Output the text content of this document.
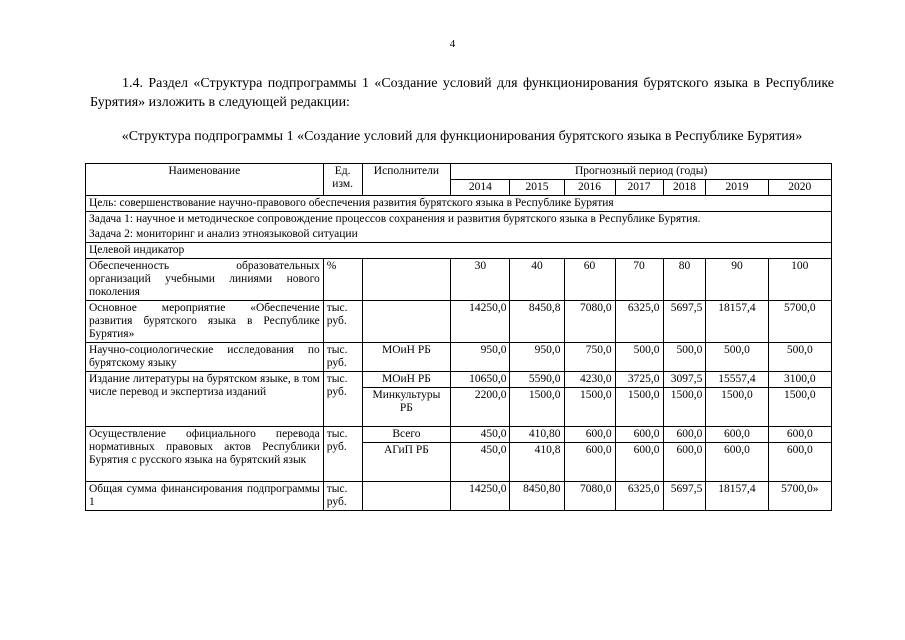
4
1.4. Раздел «Структура подпрограммы 1 «Создание условий для функционирования бурятского языка в Республике Бурятия» изложить в следующей редакции:
«Структура подпрограммы 1 «Создание условий для функционирования бурятского языка в Республике Бурятия»
Наименование	Ед. изм.	Исполнители	Прогнозный период (годы)						
			2014	2015	2016	2017	2018	2019	2020
Цель: совершенствование научно-правового обеспечения развития бурятского языка в Республике Бурятия									
Задача 1: научное и методическое сопровождение процессов сохранения и развития бурятского языка в Республике Бурятия.									
Задача 2: мониторинг и анализ этноязыковой ситуации									
Целевой индикатор									
Обеспеченность образовательных организаций учебными линиями нового поколения	%		30	40	60	70	80	90	100
Основное мероприятие «Обеспечение развития бурятского языка в Республике Бурятия»	тыс. руб.		14250,0	8450,8	7080,0	6325,0	5697,5	18157,4	5700,0
Научно-социологические исследования по бурятскому языку	тыс. руб.	МОиН РБ	950,0	950,0	750,0	500,0	500,0	500,0	500,0
Издание литературы на бурятском языке, в том числе перевод и экспертиза изданий	тыс. руб.	МОиН РБ	10650,0	5590,0	4230,0	3725,0	3097,5	15557,4	3100,0
		Минкультуры РБ	2200,0	1500,0	1500,0	1500,0	1500,0	1500,0	1500,0
Осуществление официального перевода нормативных правовых актов Республики Бурятия с русского языка на бурятский язык	тыс. руб.	Всего	450,0	410,80	600,0	600,0	600,0	600,0	600,0
		АГиП РБ	450,0	410,8	600,0	600,0	600,0	600,0	600,0
Общая сумма финансирования подпрограммы 1	тыс. руб.		14250,0	8450,80	7080,0	6325,0	5697,5	18157,4	5700,0»
